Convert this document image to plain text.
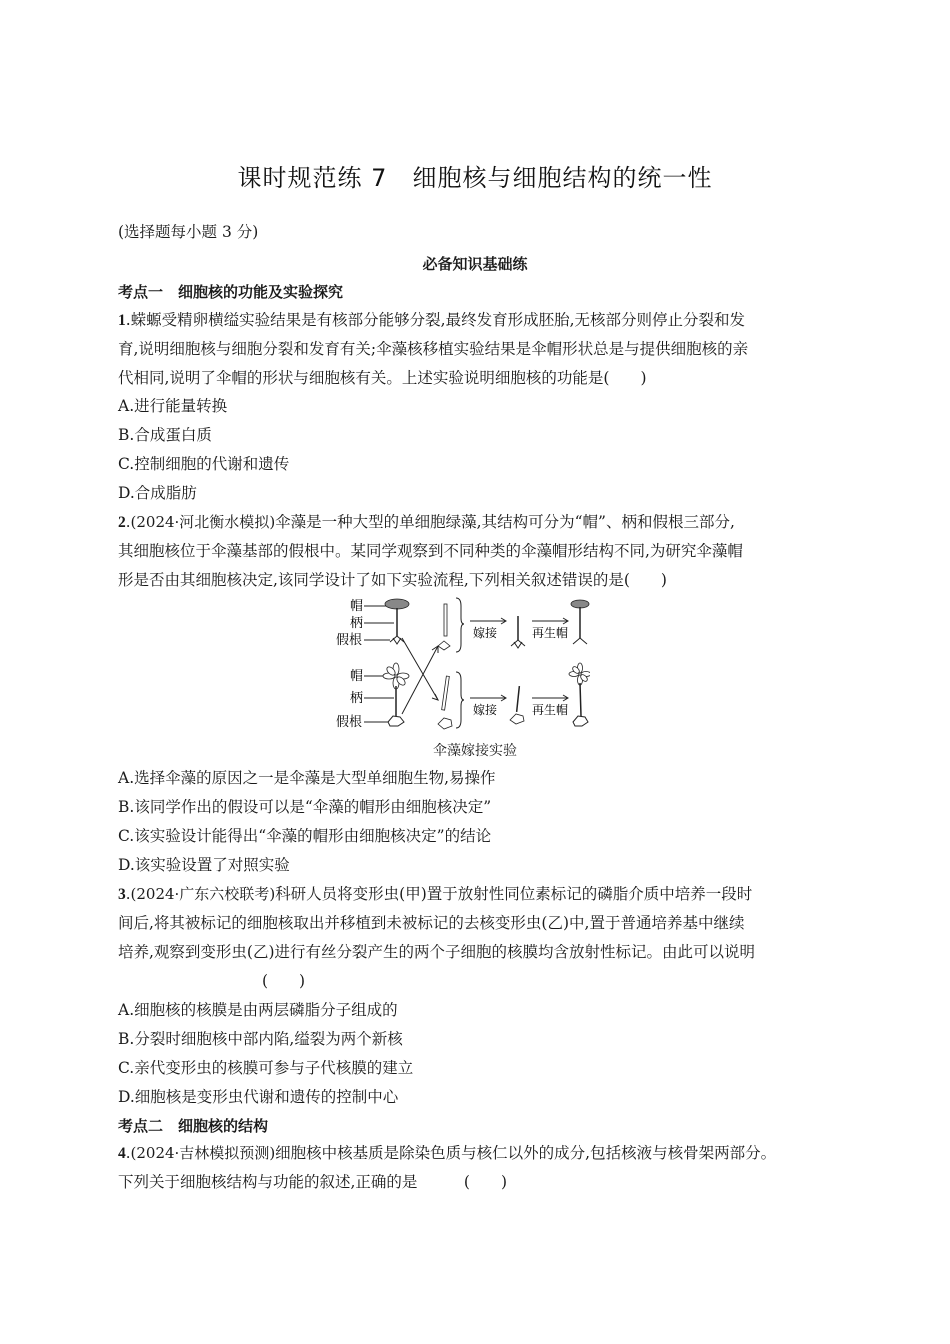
课时规范练 7　细胞核与细胞结构的统一性
(选择题每小题 3 分)
必备知识基础练
考点一　细胞核的功能及实验探究
1.蝾螈受精卵横缢实验结果是有核部分能够分裂,最终发育形成胚胎,无核部分则停止分裂和发
育,说明细胞核与细胞分裂和发育有关;伞藻核移植实验结果是伞帽形状总是与提供细胞核的亲
代相同,说明了伞帽的形状与细胞核有关。上述实验说明细胞核的功能是(　　)
A.进行能量转换
B.合成蛋白质
C.控制细胞的代谢和遗传
D.合成脂肪
2.(2024·河北衡水模拟)伞藻是一种大型的单细胞绿藻,其结构可分为“帽”、柄和假根三部分,
其细胞核位于伞藻基部的假根中。某同学观察到不同种类的伞藻帽形结构不同,为研究伞藻帽
形是否由其细胞核决定,该同学设计了如下实验流程,下列相关叙述错误的是(　　)
帽
柄
假根
帽
柄
假根
嫁接	再生帽
嫁接	再生帽
伞藻嫁接实验
A.选择伞藻的原因之一是伞藻是大型单细胞生物,易操作
B.该同学作出的假设可以是“伞藻的帽形由细胞核决定”
C.该实验设计能得出“伞藻的帽形由细胞核决定”的结论
D.该实验设置了对照实验
3.(2024·广东六校联考)科研人员将变形虫(甲)置于放射性同位素标记的磷脂介质中培养一段时
间后,将其被标记的细胞核取出并移植到未被标记的去核变形虫(乙)中,置于普通培养基中继续
培养,观察到变形虫(乙)进行有丝分裂产生的两个子细胞的核膜均含放射性标记。由此可以说明
(　　)
A.细胞核的核膜是由两层磷脂分子组成的
B.分裂时细胞核中部内陷,缢裂为两个新核
C.亲代变形虫的核膜可参与子代核膜的建立
D.细胞核是变形虫代谢和遗传的控制中心
考点二　细胞核的结构
4.(2024·吉林模拟预测)细胞核中核基质是除染色质与核仁以外的成分,包括核液与核骨架两部分。
下列关于细胞核结构与功能的叙述,正确的是　　　(　　)
